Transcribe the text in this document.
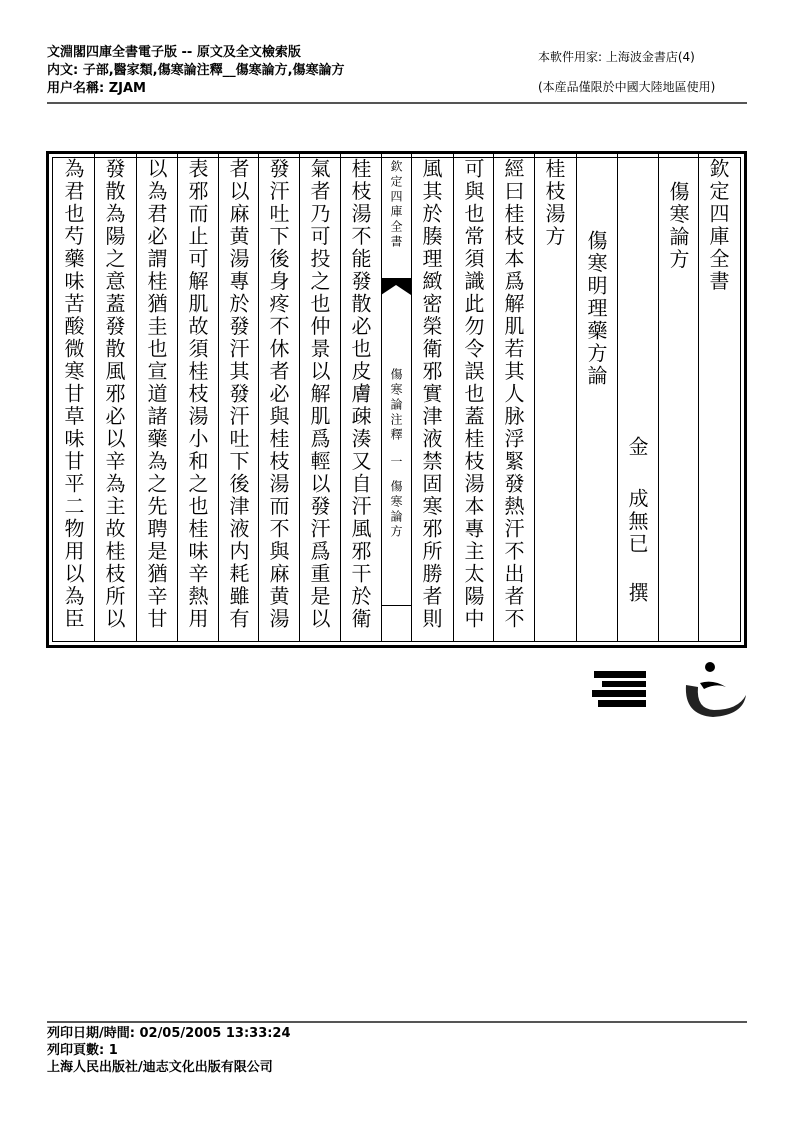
文淵閣四庫全書電子版 -- 原文及全文檢索版
内文: 子部,醫家類,傷寒論注釋__傷寒論方,傷寒論方
用户名稱: ZJAM
本軟件用家: 上海波金書店(4)
(本産品僅限於中國大陸地區使用)
欽定四庫全書
傷寒論方
金
成無已
撰
傷寒明理藥方論
桂枝湯方
經曰桂枝本爲解肌若其人脉浮緊發熱汗不出者不
可與也常須識此勿令誤也蓋桂枝湯本專主太陽中
風其於腠理緻密榮衛邪實津液禁固寒邪所勝者則
欽定四庫全書
傷寒論注釋
一
傷寒論方
桂枝湯不能發散必也皮膚疎湊又自汗風邪干於衛
氣者乃可投之也仲景以解肌爲輕以發汗爲重是以
發汗吐下後身疼不休者必與桂枝湯而不與麻黄湯
者以麻黄湯專於發汗其發汗吐下後津液内耗雖有
表邪而止可解肌故須桂枝湯小和之也桂味辛熱用
以為君必謂桂猶圭也宣道諸藥為之先聘是猶辛甘
發散為陽之意蓋發散風邪必以辛為主故桂枝所以
為君也芍藥味苦酸微寒甘草味甘平二物用以為臣
列印日期/時間: 02/05/2005 13:33:24
列印頁數: 1
上海人民出版社/迪志文化出版有限公司
